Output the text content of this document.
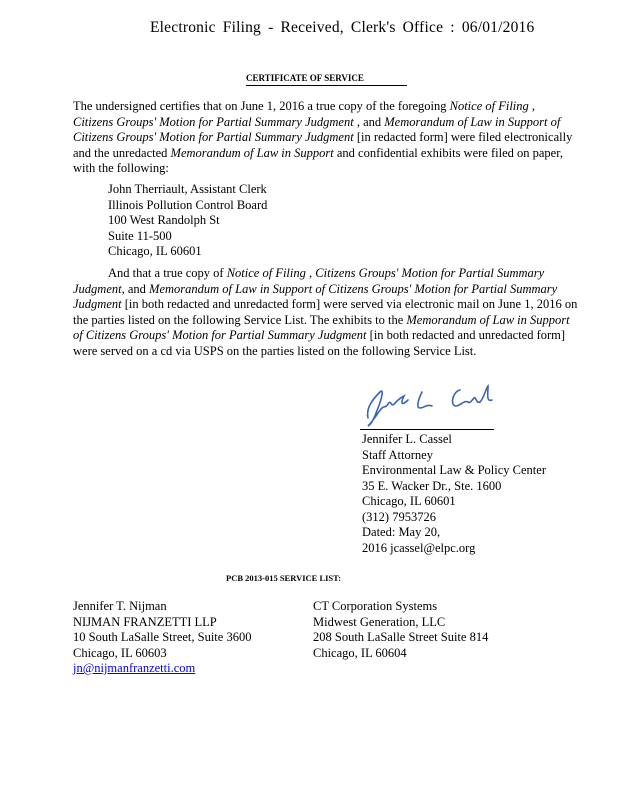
Electronic Filing - Received, Clerk's Office : 06/01/2016
CERTIFICATE OF SERVICE
The undersigned certifies that on June 1, 2016 a true copy of the foregoing Notice of Filing , Citizens Groups' Motion for Partial Summary Judgment , and Memorandum of Law in Support of Citizens Groups' Motion for Partial Summary Judgment [in redacted form] were filed electronically and the unredacted Memorandum of Law in Support and confidential exhibits were filed on paper, with the following:
John Therriault, Assistant Clerk
Illinois Pollution Control Board
100 West Randolph St
Suite 11-500
Chicago, IL 60601
And that a true copy of Notice of Filing , Citizens Groups' Motion for Partial Summary Judgment, and Memorandum of Law in Support of Citizens Groups' Motion for Partial Summary Judgment [in both redacted and unredacted form] were served via electronic mail on June 1, 2016 on the parties listed on the following Service List. The exhibits to the Memorandum of Law in Support of Citizens Groups' Motion for Partial Summary Judgment [in both redacted and unredacted form] were served on a cd via USPS on the parties listed on the following Service List.
Jennifer L. Cassel
Staff Attorney
Environmental Law & Policy Center
35 E. Wacker Dr., Ste. 1600
Chicago, IL 60601
(312) 7953726
Dated: May 20,
2016 jcassel@elpc.org
PCB 2013-015 SERVICE LIST:
Jennifer T. Nijman
NIJMAN FRANZETTI LLP
10 South LaSalle Street, Suite 3600
Chicago, IL 60603
jn@nijmanfranzetti.com
CT Corporation Systems
Midwest Generation, LLC
208 South LaSalle Street Suite 814
Chicago, IL 60604
